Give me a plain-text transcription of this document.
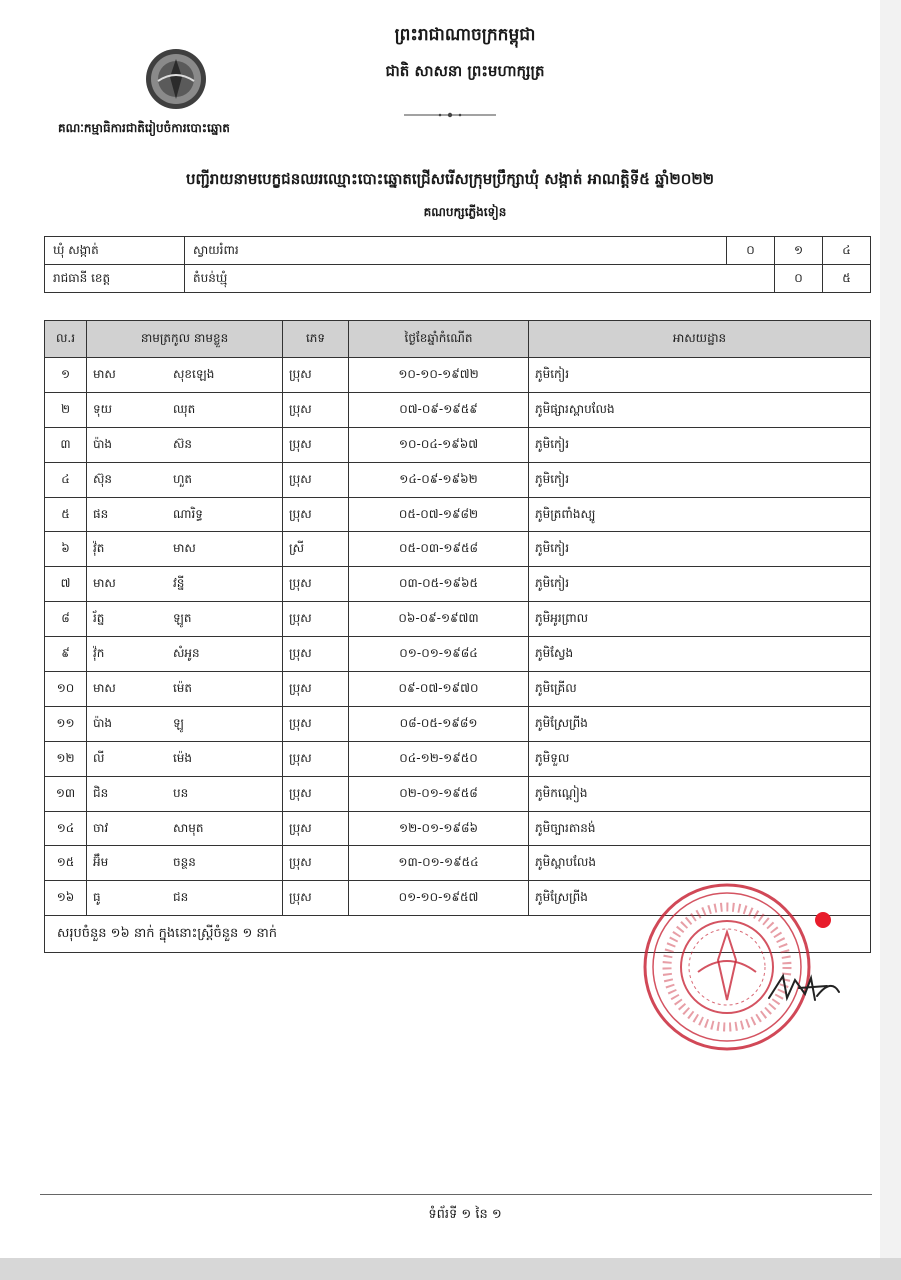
ព្រះរាជាណាចក្រកម្ពុជា
ជាតិ សាសនា ព្រះមហាក្សត្រ
គណៈកម្មាធិការជាតិរៀបចំការបោះឆ្នោត
បញ្ជីរាយនាមបេក្ខជនឈរឈ្មោះបោះឆ្នោតជ្រើសរើសក្រុមប្រឹក្សាឃុំ សង្កាត់ អាណត្តិទី៥ ឆ្នាំ២០២២
គណបក្សភ្លើងទៀន
ឃុំ សង្កាត់	ស្វាយរំពារ	០	១	៤
រាជធានី ខេត្ត	តំបន់ឃ្មុំ		០	៥
ល.រ	នាមត្រកូល នាមខ្លួន	ភេទ	ថ្ងៃខែឆ្នាំកំណើត	អាសយដ្ឋាន
១	មាស សុខឡេង	ប្រុស	១០-១០-១៩៧២	ភូមិកៀរ
២	ទុយ ឈុត	ប្រុស	០៧-០៩-១៩៥៩	ភូមិផ្សារស្ពាបលែង
៣	ប៉ាង ស៊ន	ប្រុស	១០-០៤-១៩៦៧	ភូមិកៀរ
៤	ស៊ុន ហួត	ប្រុស	១៤-០៩-១៩៦២	ភូមិកៀរ
៥	ផន ណារិទ្ធ	ប្រុស	០៥-០៧-១៩៨២	ភូមិត្រពាំងស្បូ
៦	វ៉ុត មាស	ស្រី	០៥-០៣-១៩៥៨	ភូមិកៀរ
៧	មាស វន្នី	ប្រុស	០៣-០៥-១៩៦៥	ភូមិកៀរ
៨	រ័ត្ន ឡូត	ប្រុស	០៦-០៩-១៩៧៣	ភូមិអូរព្រាល
៩	វ៉ុក សំអូន	ប្រុស	០១-០១-១៩៨៤	ភូមិស្វែង
១០	មាស ម៉េត	ប្រុស	០៩-០៧-១៩៧០	ភូមិគ្រើល
១១	ប៉ាង ឡូ	ប្រុស	០៨-០៥-១៩៨១	ភូមិស្រែព្រីង
១២	លី ម៉េង	ប្រុស	០៤-១២-១៩៥០	ភូមិទួល
១៣	ជិន បន	ប្រុស	០២-០១-១៩៥៨	ភូមិកណ្តៀង
១៤	ចាវ សាមុត	ប្រុស	១២-០១-១៩៨៦	ភូមិច្បារតានង់
១៥	អ៊ឹម ចន្ថន	ប្រុស	១៣-០១-១៩៥៤	ភូមិស្ពាបលែង
១៦	ធូ ជន	ប្រុស	០១-១០-១៩៥៧	ភូមិស្រែព្រីង
សរុបចំនួន ១៦ នាក់ ក្នុងនោះស្ត្រីចំនួន ១ នាក់				
ទំព័រទី ១ នៃ ១
